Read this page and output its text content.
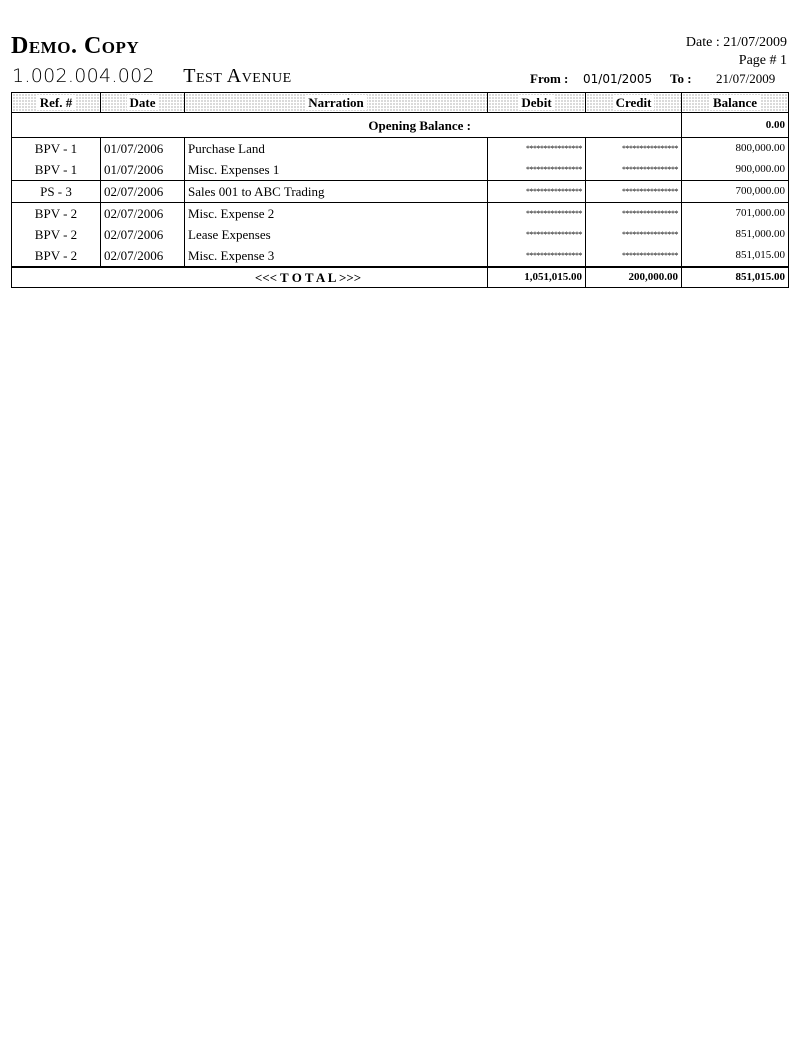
Demo. Copy
1.002.004.002 Test Avenue
Date : 21/07/2009
Page # 1
From : 01/01/2005 To : 21/07/2009
Ref. #	Date	Narration	Debit	Credit	Balance
Opening Balance :					0.00
BPV - 1	01/07/2006	Purchase Land	****************	****************	800,000.00
BPV - 1	01/07/2006	Misc. Expenses 1	****************	****************	900,000.00
PS - 3	02/07/2006	Sales 001 to ABC Trading	****************	****************	700,000.00
BPV - 2	02/07/2006	Misc. Expense 2	****************	****************	701,000.00
BPV - 2	02/07/2006	Lease Expenses	****************	****************	851,000.00
BPV - 2	02/07/2006	Misc. Expense 3	****************	****************	851,015.00
<<< T O T A L >>>			1,051,015.00	200,000.00	851,015.00
